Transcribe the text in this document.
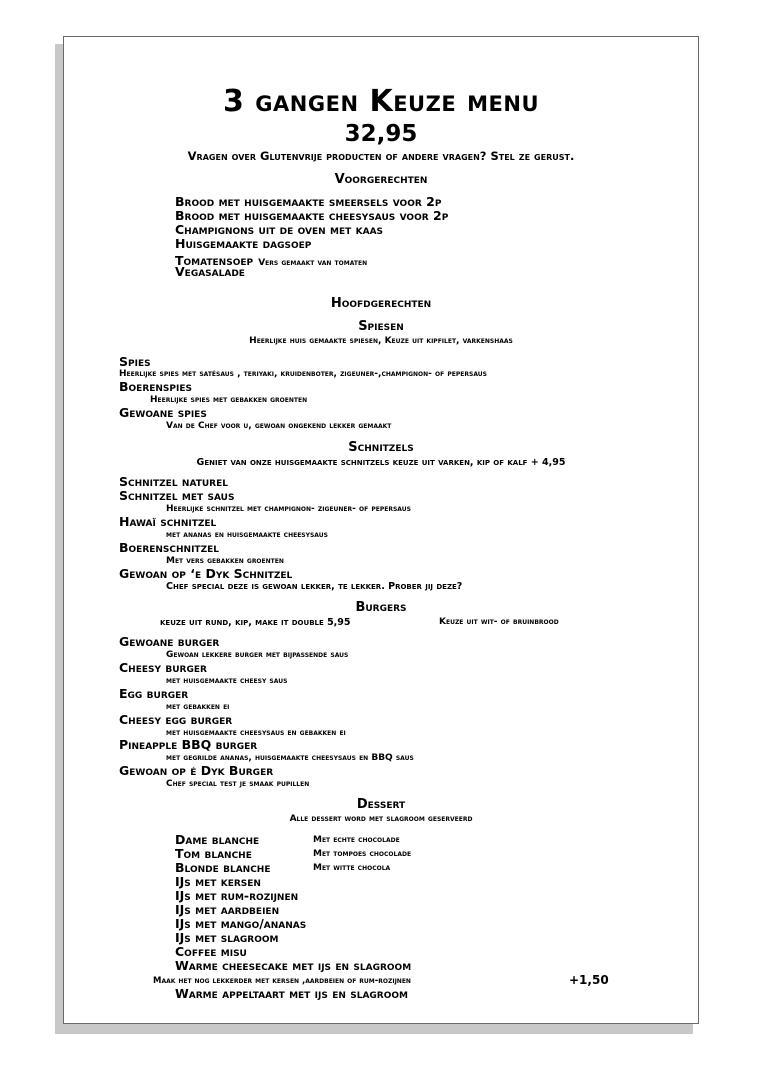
3 gangen Keuze menu
32,95
Vragen over Glutenvrije producten of andere vragen? Stel ze gerust.
Voorgerechten
Brood met huisgemaakte smeersels voor 2p
Brood met huisgemaakte cheesysaus voor 2p
Champignons uit de oven met kaas
Huisgemaakte dagsoep
Tomatensoep Vers gemaakt van tomaten
Vegasalade
Hoofdgerechten
Spiesen
Heerlijke huis gemaakte spiesen, Keuze uit kipfilet, varkenshaas
Spies
Heerlijke spies met satésaus , teriyaki, kruidenboter, zigeuner-,champignon- of pepersaus
Boerenspies
Heerlijke spies met gebakken groenten
Gewoane spies
Van de Chef voor u, gewoan ongekend lekker gemaakt
Schnitzels
Geniet van onze huisgemaakte schnitzels keuze uit varken, kip of kalf + 4,95
Schnitzel naturel
Schnitzel met saus
Heerlijke schnitzel met champignon- zigeuner- of pepersaus
Hawaï schnitzel
met ananas en huisgemaakte cheesysaus
Boerenschnitzel
Met vers gebakken groenten
Gewoan op ‘e Dyk Schnitzel
Chef special deze is gewoan lekker, te lekker. Prober jij deze?
Burgers
keuze uit rund, kip, make it double 5,95	Keuze uit wit- of bruinbrood
Gewoane burger
Gewoan lekkere burger met bijpassende saus
Cheesy burger
met huisgemaakte cheesy saus
Egg burger
met gebakken ei
Cheesy egg burger
met huisgemaakte cheesysaus en gebakken ei
Pineapple BBQ burger
met gegrilde ananas, huisgemaakte cheesysaus en BBQ saus
Gewoan op é Dyk Burger
Chef special test je smaak pupillen
Dessert
Alle dessert word met slagroom geserveerd
Dame blanche	Met echte chocolade
Tom blanche	Met tompoes chocolade
Blonde blanche	Met witte chocola
IJs met kersen
IJs met rum-rozijnen
IJs met aardbeien
IJs met mango/ananas
IJs met slagroom
Coffee misu
Warme cheesecake met ijs en slagroom
Maak het nog lekkerder met kersen ,aardbeien of rum-rozijnen	+1,50
Warme appeltaart met ijs en slagroom
